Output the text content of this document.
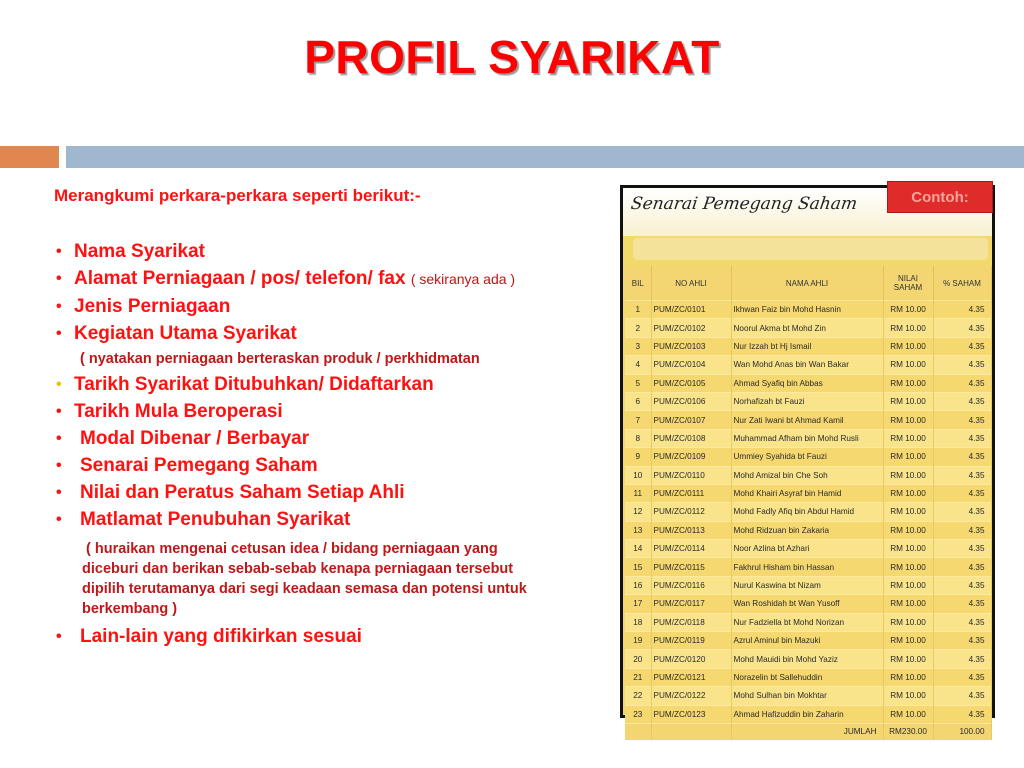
PROFIL SYARIKAT
Merangkumi perkara-perkara seperti berikut:-
• Nama Syarikat
• Alamat Perniagaan / pos/ telefon/ fax ( sekiranya ada )
• Jenis Perniagaan
• Kegiatan Utama Syarikat
( nyatakan perniagaan berteraskan produk / perkhidmatan
• Tarikh Syarikat Ditubuhkan/ Didaftarkan
• Tarikh Mula Beroperasi
• Modal Dibenar / Berbayar
• Senarai Pemegang Saham
• Nilai dan Peratus Saham Setiap Ahli
• Matlamat Penubuhan Syarikat
( huraikan mengenai cetusan idea / bidang perniagaan yang
diceburi dan berikan sebab-sebab kenapa perniagaan tersebut
dipilih terutamanya dari segi keadaan semasa dan potensi untuk
berkembang )
• Lain-lain yang difikirkan sesuai
Senarai Pemegang Saham
BIL	NO AHLI	NAMA AHLI	NILAI SAHAM	% SAHAM
1	PUM/ZC/0101	Ikhwan Faiz bin Mohd Hasnin	RM 10.00	4.35
2	PUM/ZC/0102	Noorul Akma bt Mohd Zin	RM 10.00	4.35
3	PUM/ZC/0103	Nur Izzah bt Hj Ismail	RM 10.00	4.35
4	PUM/ZC/0104	Wan Mohd Anas bin Wan Bakar	RM 10.00	4.35
5	PUM/ZC/0105	Ahmad Syafiq bin Abbas	RM 10.00	4.35
6	PUM/ZC/0106	Norhafizah bt Fauzi	RM 10.00	4.35
7	PUM/ZC/0107	Nur Zati Iwani bt Ahmad Kamil	RM 10.00	4.35
8	PUM/ZC/0108	Muhammad Afham bin Mohd Rusli	RM 10.00	4.35
9	PUM/ZC/0109	Ummiey Syahida bt Fauzi	RM 10.00	4.35
10	PUM/ZC/0110	Mohd Amizal bin Che Soh	RM 10.00	4.35
11	PUM/ZC/0111	Mohd Khairi Asyraf bin Hamid	RM 10.00	4.35
12	PUM/ZC/0112	Mohd Fadly Afiq bin Abdul Hamid	RM 10.00	4.35
13	PUM/ZC/0113	Mohd Ridzuan bin Zakaria	RM 10.00	4.35
14	PUM/ZC/0114	Noor Azlina bt Azhari	RM 10.00	4.35
15	PUM/ZC/0115	Fakhrul Hisham bin Hassan	RM 10.00	4.35
16	PUM/ZC/0116	Nurul Kaswina bt Nizam	RM 10.00	4.35
17	PUM/ZC/0117	Wan Roshidah bt Wan Yusoff	RM 10.00	4.35
18	PUM/ZC/0118	Nur Fadziella bt Mohd Norizan	RM 10.00	4.35
19	PUM/ZC/0119	Azrul Aminul bin Mazuki	RM 10.00	4.35
20	PUM/ZC/0120	Mohd Mauidi bin Mohd Yaziz	RM 10.00	4.35
21	PUM/ZC/0121	Norazelin bt Sallehuddin	RM 10.00	4.35
22	PUM/ZC/0122	Mohd Sulhan bin Mokhtar	RM 10.00	4.35
23	PUM/ZC/0123	Ahmad Hafizuddin bin Zaharin	RM 10.00	4.35
		JUMLAH	RM230.00	100.00
Contoh:
